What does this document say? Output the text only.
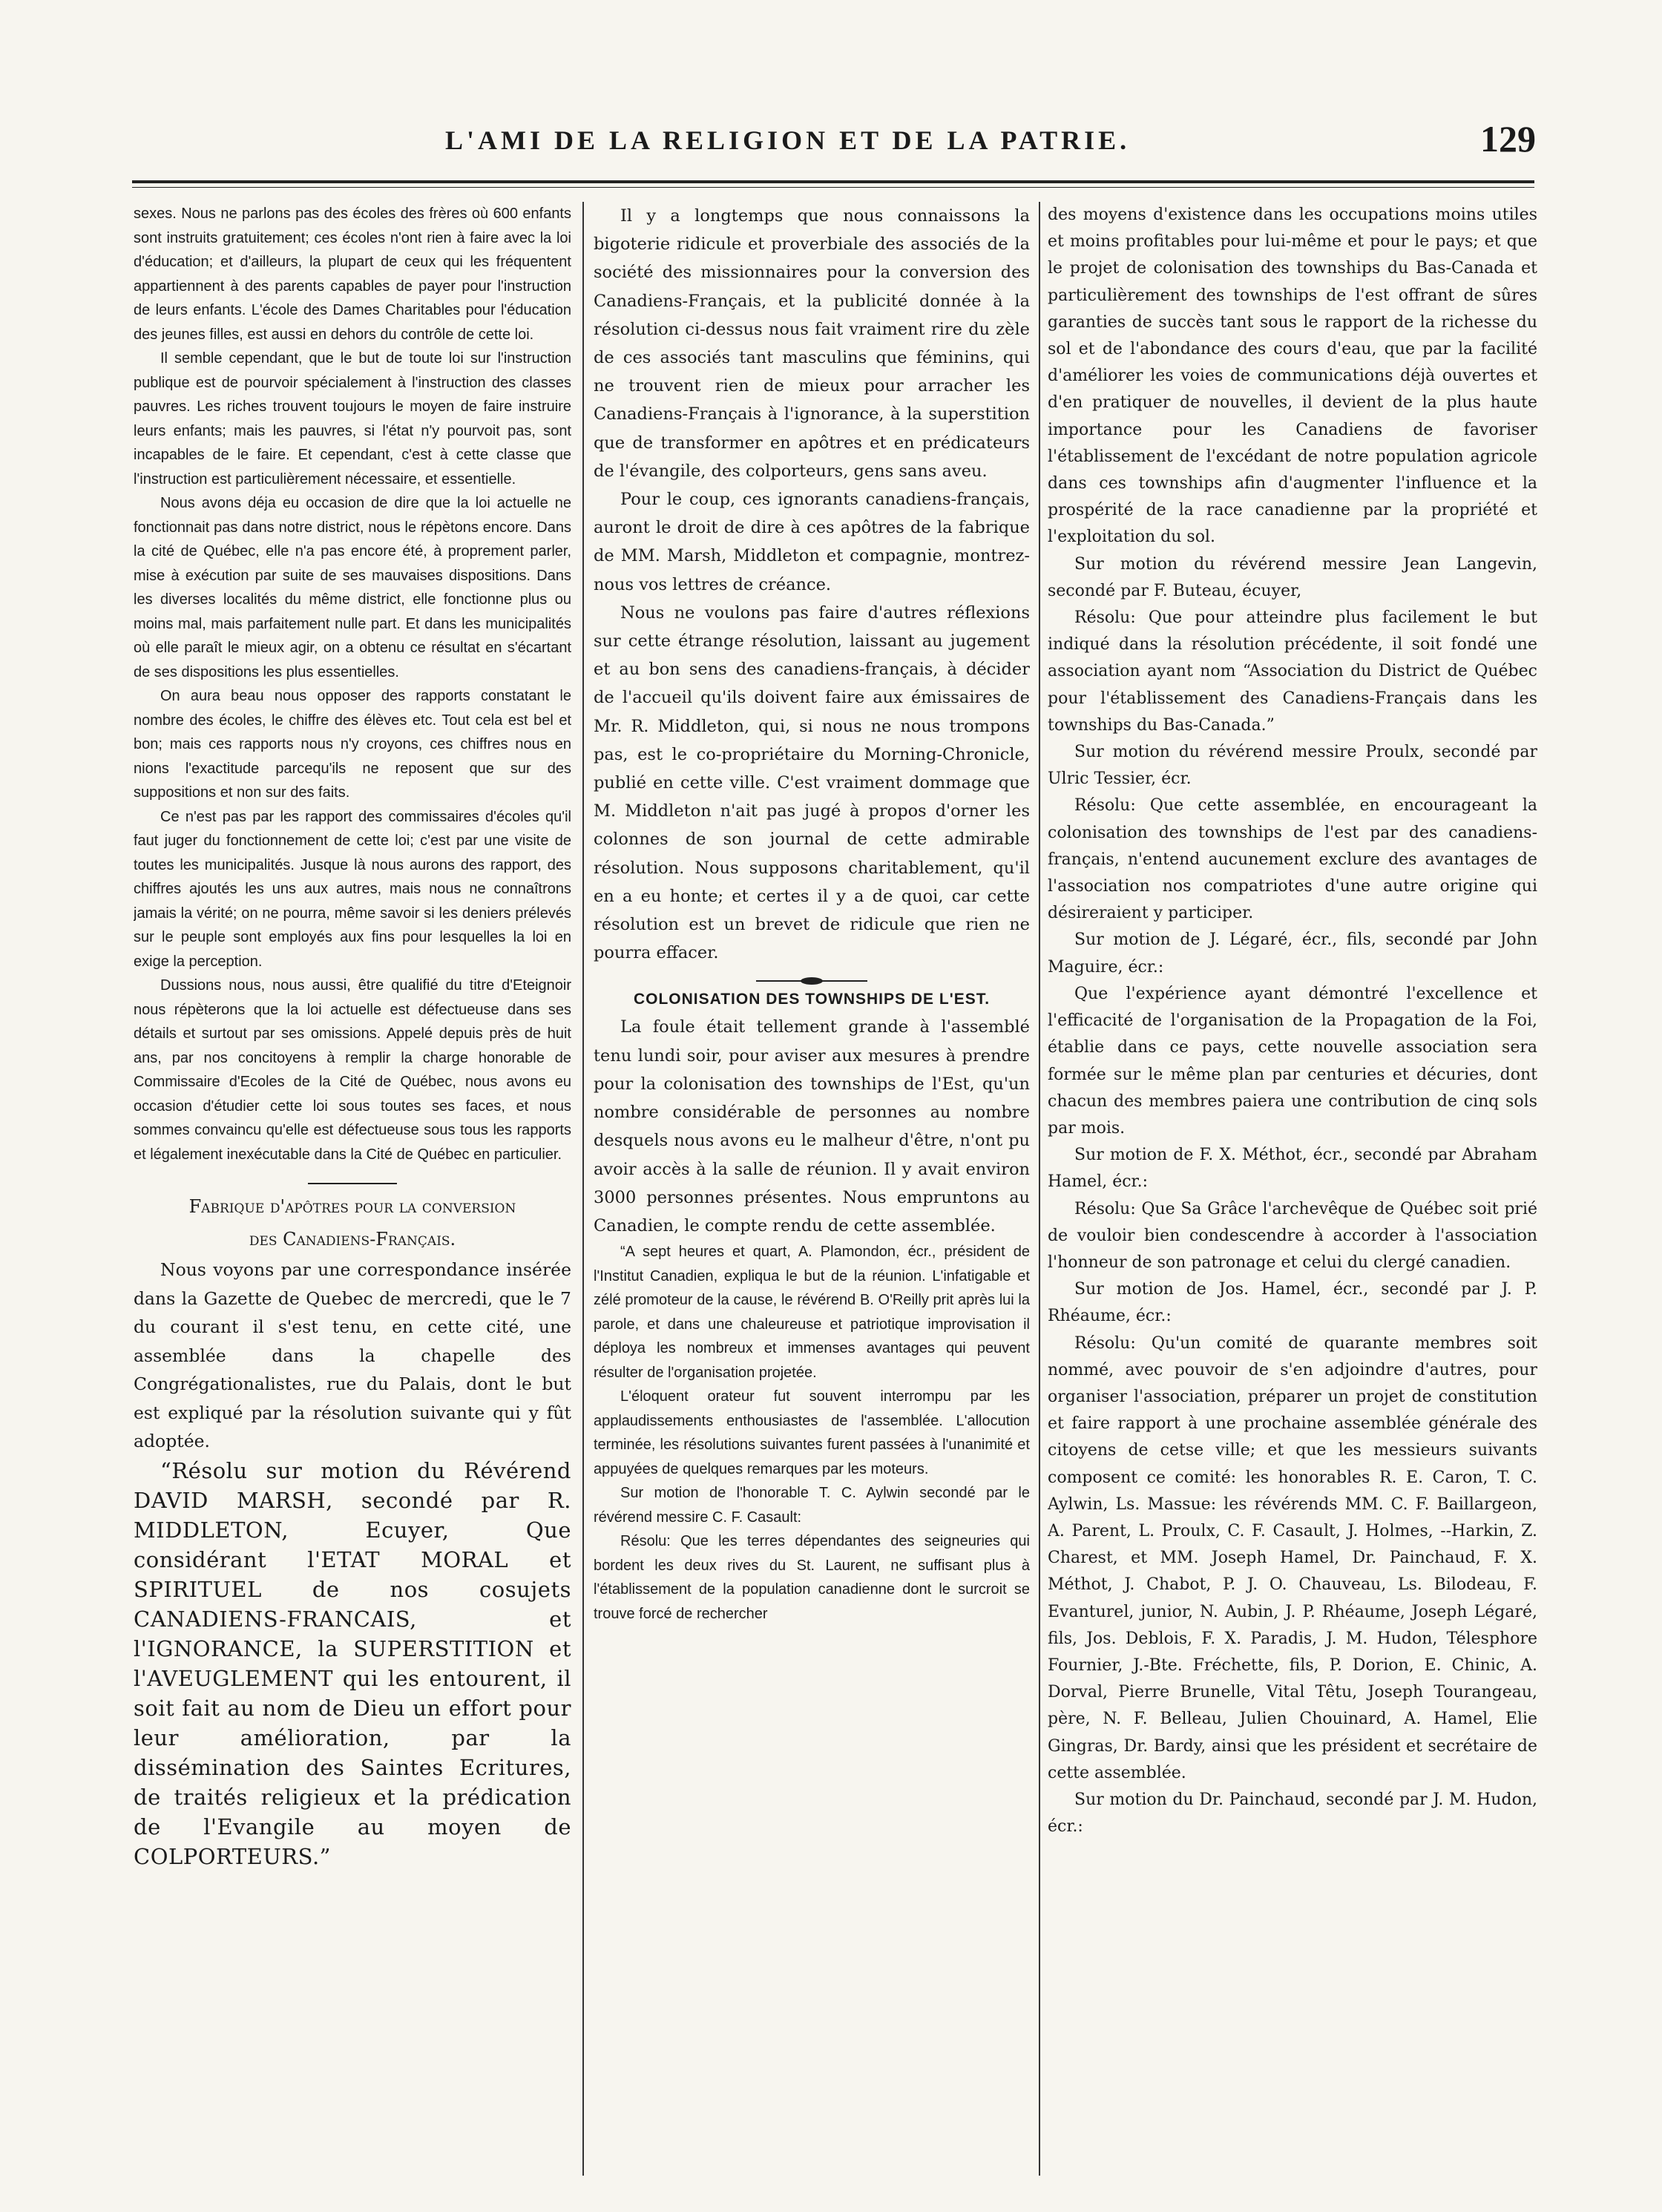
L'AMI DE LA RELIGION ET DE LA PATRIE.	129

sexes. Nous ne parlons pas des écoles des frères où 600 enfants sont instruits gratuitement; ces écoles n'ont rien à faire avec la loi d'éducation; et d'ailleurs, la plupart de ceux qui les fréquentent appartiennent à des parents capables de payer pour l'instruction de leurs enfants. L'école des Dames Charitables pour l'éducation des jeunes filles, est aussi en dehors du contrôle de cette loi.

Il semble cependant, que le but de toute loi sur l'instruction publique est de pourvoir spécialement à l'instruction des classes pauvres. Les riches trouvent toujours le moyen de faire instruire leurs enfants; mais les pauvres, si l'état n'y pourvoit pas, sont incapables de le faire. Et cependant, c'est à cette classe que l'instruction est particulièrement nécessaire, et essentielle.

Nous avons déja eu occasion de dire que la loi actuelle ne fonctionnait pas dans notre district, nous le répètons encore. Dans la cité de Québec, elle n'a pas encore été, à proprement parler, mise à exécution par suite de ses mauvaises dispositions. Dans les diverses localités du même district, elle fonctionne plus ou moins mal, mais parfaitement nulle part. Et dans les municipalités où elle paraît le mieux agir, on a obtenu ce résultat en s'écartant de ses dispositions les plus essentielles.

On aura beau nous opposer des rapports constatant le nombre des écoles, le chiffre des élèves etc. Tout cela est bel et bon; mais ces rapports nous n'y croyons, ces chiffres nous en nions l'exactitude parcequ'ils ne reposent que sur des suppositions et non sur des faits.

Ce n'est pas par les rapport des commissaires d'écoles qu'il faut juger du fonctionnement de cette loi; c'est par une visite de toutes les municipalités. Jusque là nous aurons des rapport, des chiffres ajoutés les uns aux autres, mais nous ne connaîtrons jamais la vérité; on ne pourra, même savoir si les deniers prélevés sur le peuple sont employés aux fins pour lesquelles la loi en exige la perception.

Dussions nous, nous aussi, être qualifié du titre d'Eteignoir nous répèterons que la loi actuelle est défectueuse dans ses détails et surtout par ses omissions. Appelé depuis près de huit ans, par nos concitoyens à remplir la charge honorable de Commissaire d'Ecoles de la Cité de Québec, nous avons eu occasion d'étudier cette loi sous toutes ses faces, et nous sommes convaincu qu'elle est défectueuse sous tous les rapports et légalement inexécutable dans la Cité de Québec en particulier.

Fabrique d'apôtres pour la conversion
des Canadiens-Français.

Nous voyons par une correspondance insérée dans la Gazette de Quebec de mercredi, que le 7 du courant il s'est tenu, en cette cité, une assemblée dans la chapelle des Congrégationalistes, rue du Palais, dont le but est expliqué par la résolution suivante qui y fût adoptée.

“Résolu sur motion du Révérend DAVID MARSH, secondé par R. MIDDLETON, Ecuyer, Que considérant l'ETAT MORAL et SPIRITUEL de nos cosujets CANADIENS-FRANCAIS, et l'IGNORANCE, la SUPERSTITION et l'AVEUGLEMENT qui les entourent, il soit fait au nom de Dieu un effort pour leur amélioration, par la dissémination des Saintes Ecritures, de traités religieux et la prédication de l'Evangile au moyen de COLPORTEURS.”

Il y a longtemps que nous connaissons la bigoterie ridicule et proverbiale des associés de la société des missionnaires pour la conversion des Canadiens-Français, et la publicité donnée à la résolution ci-dessus nous fait vraiment rire du zèle de ces associés tant masculins que féminins, qui ne trouvent rien de mieux pour arracher les Canadiens-Français à l'ignorance, à la superstition que de transformer en apôtres et en prédicateurs de l'évangile, des colporteurs, gens sans aveu.

Pour le coup, ces ignorants canadiens-français, auront le droit de dire à ces apôtres de la fabrique de MM. Marsh, Middleton et compagnie, montrez-nous vos lettres de créance.

Nous ne voulons pas faire d'autres réflexions sur cette étrange résolution, laissant au jugement et au bon sens des canadiens-français, à décider de l'accueil qu'ils doivent faire aux émissaires de Mr. R. Middleton, qui, si nous ne nous trompons pas, est le co-propriétaire du Morning-Chronicle, publié en cette ville. C'est vraiment dommage que M. Middleton n'ait pas jugé à propos d'orner les colonnes de son journal de cette admirable résolution. Nous supposons charitablement, qu'il en a eu honte; et certes il y a de quoi, car cette résolution est un brevet de ridicule que rien ne pourra effacer.

COLONISATION DES TOWNSHIPS DE L'EST.

La foule était tellement grande à l'assemblé tenu lundi soir, pour aviser aux mesures à prendre pour la colonisation des townships de l'Est, qu'un nombre considérable de personnes au nombre desquels nous avons eu le malheur d'être, n'ont pu avoir accès à la salle de réunion. Il y avait environ 3000 personnes présentes. Nous empruntons au Canadien, le compte rendu de cette assemblée.

“A sept heures et quart, A. Plamondon, écr., président de l'Institut Canadien, expliqua le but de la réunion. L'infatigable et zélé promoteur de la cause, le révérend B. O'Reilly prit après lui la parole, et dans une chaleureuse et patriotique improvisation il déploya les nombreux et immenses avantages qui peuvent résulter de l'organisation projetée.

L'éloquent orateur fut souvent interrompu par les applaudissements enthousiastes de l'assemblée. L'allocution terminée, les résolutions suivantes furent passées à l'unanimité et appuyées de quelques remarques par les moteurs.

Sur motion de l'honorable T. C. Aylwin secondé par le révérend messire C. F. Casault:

Résolu: Que les terres dépendantes des seigneuries qui bordent les deux rives du St. Laurent, ne suffisant plus à l'établissement de la population canadienne dont le surcroit se trouve forcé de rechercher

des moyens d'existence dans les occupations moins utiles et moins profitables pour lui-même et pour le pays; et que le projet de colonisation des townships du Bas-Canada et particulièrement des townships de l'est offrant de sûres garanties de succès tant sous le rapport de la richesse du sol et de l'abondance des cours d'eau, que par la facilité d'améliorer les voies de communications déjà ouvertes et d'en pratiquer de nouvelles, il devient de la plus haute importance pour les Canadiens de favoriser l'établissement de l'excédant de notre population agricole dans ces townships afin d'augmenter l'influence et la prospérité de la race canadienne par la propriété et l'exploitation du sol.

Sur motion du révérend messire Jean Langevin, secondé par F. Buteau, écuyer,

Résolu: Que pour atteindre plus facilement le but indiqué dans la résolution précédente, il soit fondé une association ayant nom “Association du District de Québec pour l'établissement des Canadiens-Français dans les townships du Bas-Canada.”

Sur motion du révérend messire Proulx, secondé par Ulric Tessier, écr.

Résolu: Que cette assemblée, en encourageant la colonisation des townships de l'est par des canadiens-français, n'entend aucunement exclure des avantages de l'association nos compatriotes d'une autre origine qui désireraient y participer.

Sur motion de J. Légaré, écr., fils, secondé par John Maguire, écr.:

Que l'expérience ayant démontré l'excellence et l'efficacité de l'organisation de la Propagation de la Foi, établie dans ce pays, cette nouvelle association sera formée sur le même plan par centuries et décuries, dont chacun des membres paiera une contribution de cinq sols par mois.

Sur motion de F. X. Méthot, écr., secondé par Abraham Hamel, écr.:

Résolu: Que Sa Grâce l'archevêque de Québec soit prié de vouloir bien condescendre à accorder à l'association l'honneur de son patronage et celui du clergé canadien.

Sur motion de Jos. Hamel, écr., secondé par J. P. Rhéaume, écr.:

Résolu: Qu'un comité de quarante membres soit nommé, avec pouvoir de s'en adjoindre d'autres, pour organiser l'association, préparer un projet de constitution et faire rapport à une prochaine assemblée générale des citoyens de cetse ville; et que les messieurs suivants composent ce comité: les honorables R. E. Caron, T. C. Aylwin, Ls. Massue: les révérends MM. C. F. Baillargeon, A. Parent, L. Proulx, C. F. Casault, J. Holmes, --Harkin, Z. Charest, et MM. Joseph Hamel, Dr. Painchaud, F. X. Méthot, J. Chabot, P. J. O. Chauveau, Ls. Bilodeau, F. Evanturel, junior, N. Aubin, J. P. Rhéaume, Joseph Légaré, fils, Jos. Deblois, F. X. Paradis, J. M. Hudon, Télesphore Fournier, J.-Bte. Fréchette, fils, P. Dorion, E. Chinic, A. Dorval, Pierre Brunelle, Vital Têtu, Joseph Tourangeau, père, N. F. Belleau, Julien Chouinard, A. Hamel, Elie Gingras, Dr. Bardy, ainsi que les président et secrétaire de cette assemblée.

Sur motion du Dr. Painchaud, secondé par J. M. Hudon, écr.:
